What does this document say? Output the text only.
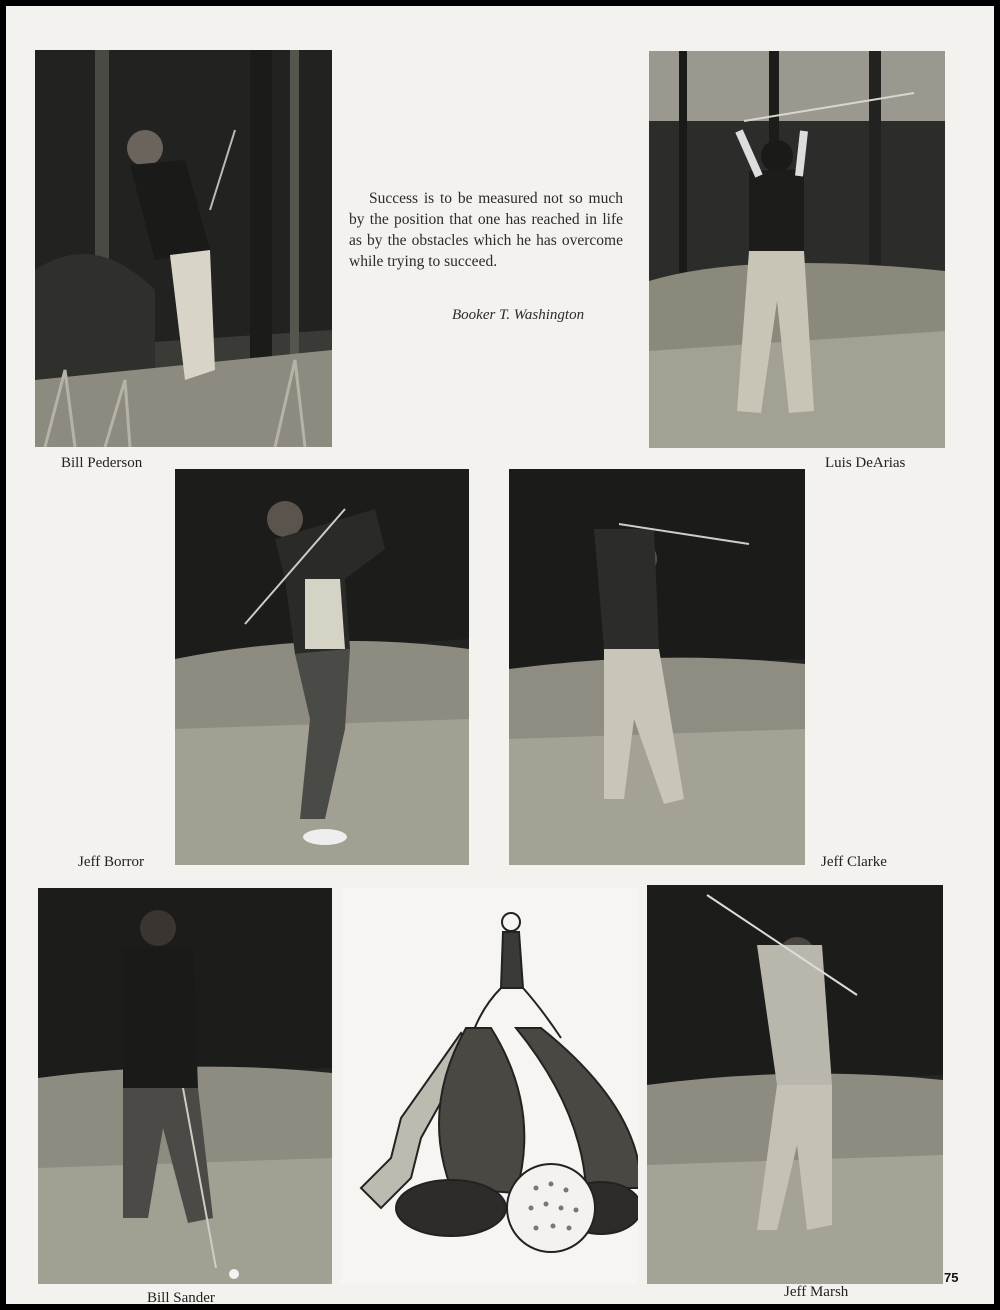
Bill Pederson
Success is to be measured not so much by the position that one has reached in life as by the obstacles which he has overcome while trying to succeed.
Booker T. Washington
Luis DeArias
Jeff Borror	Jeff Clarke
Bill Sander	Jeff Marsh
75
